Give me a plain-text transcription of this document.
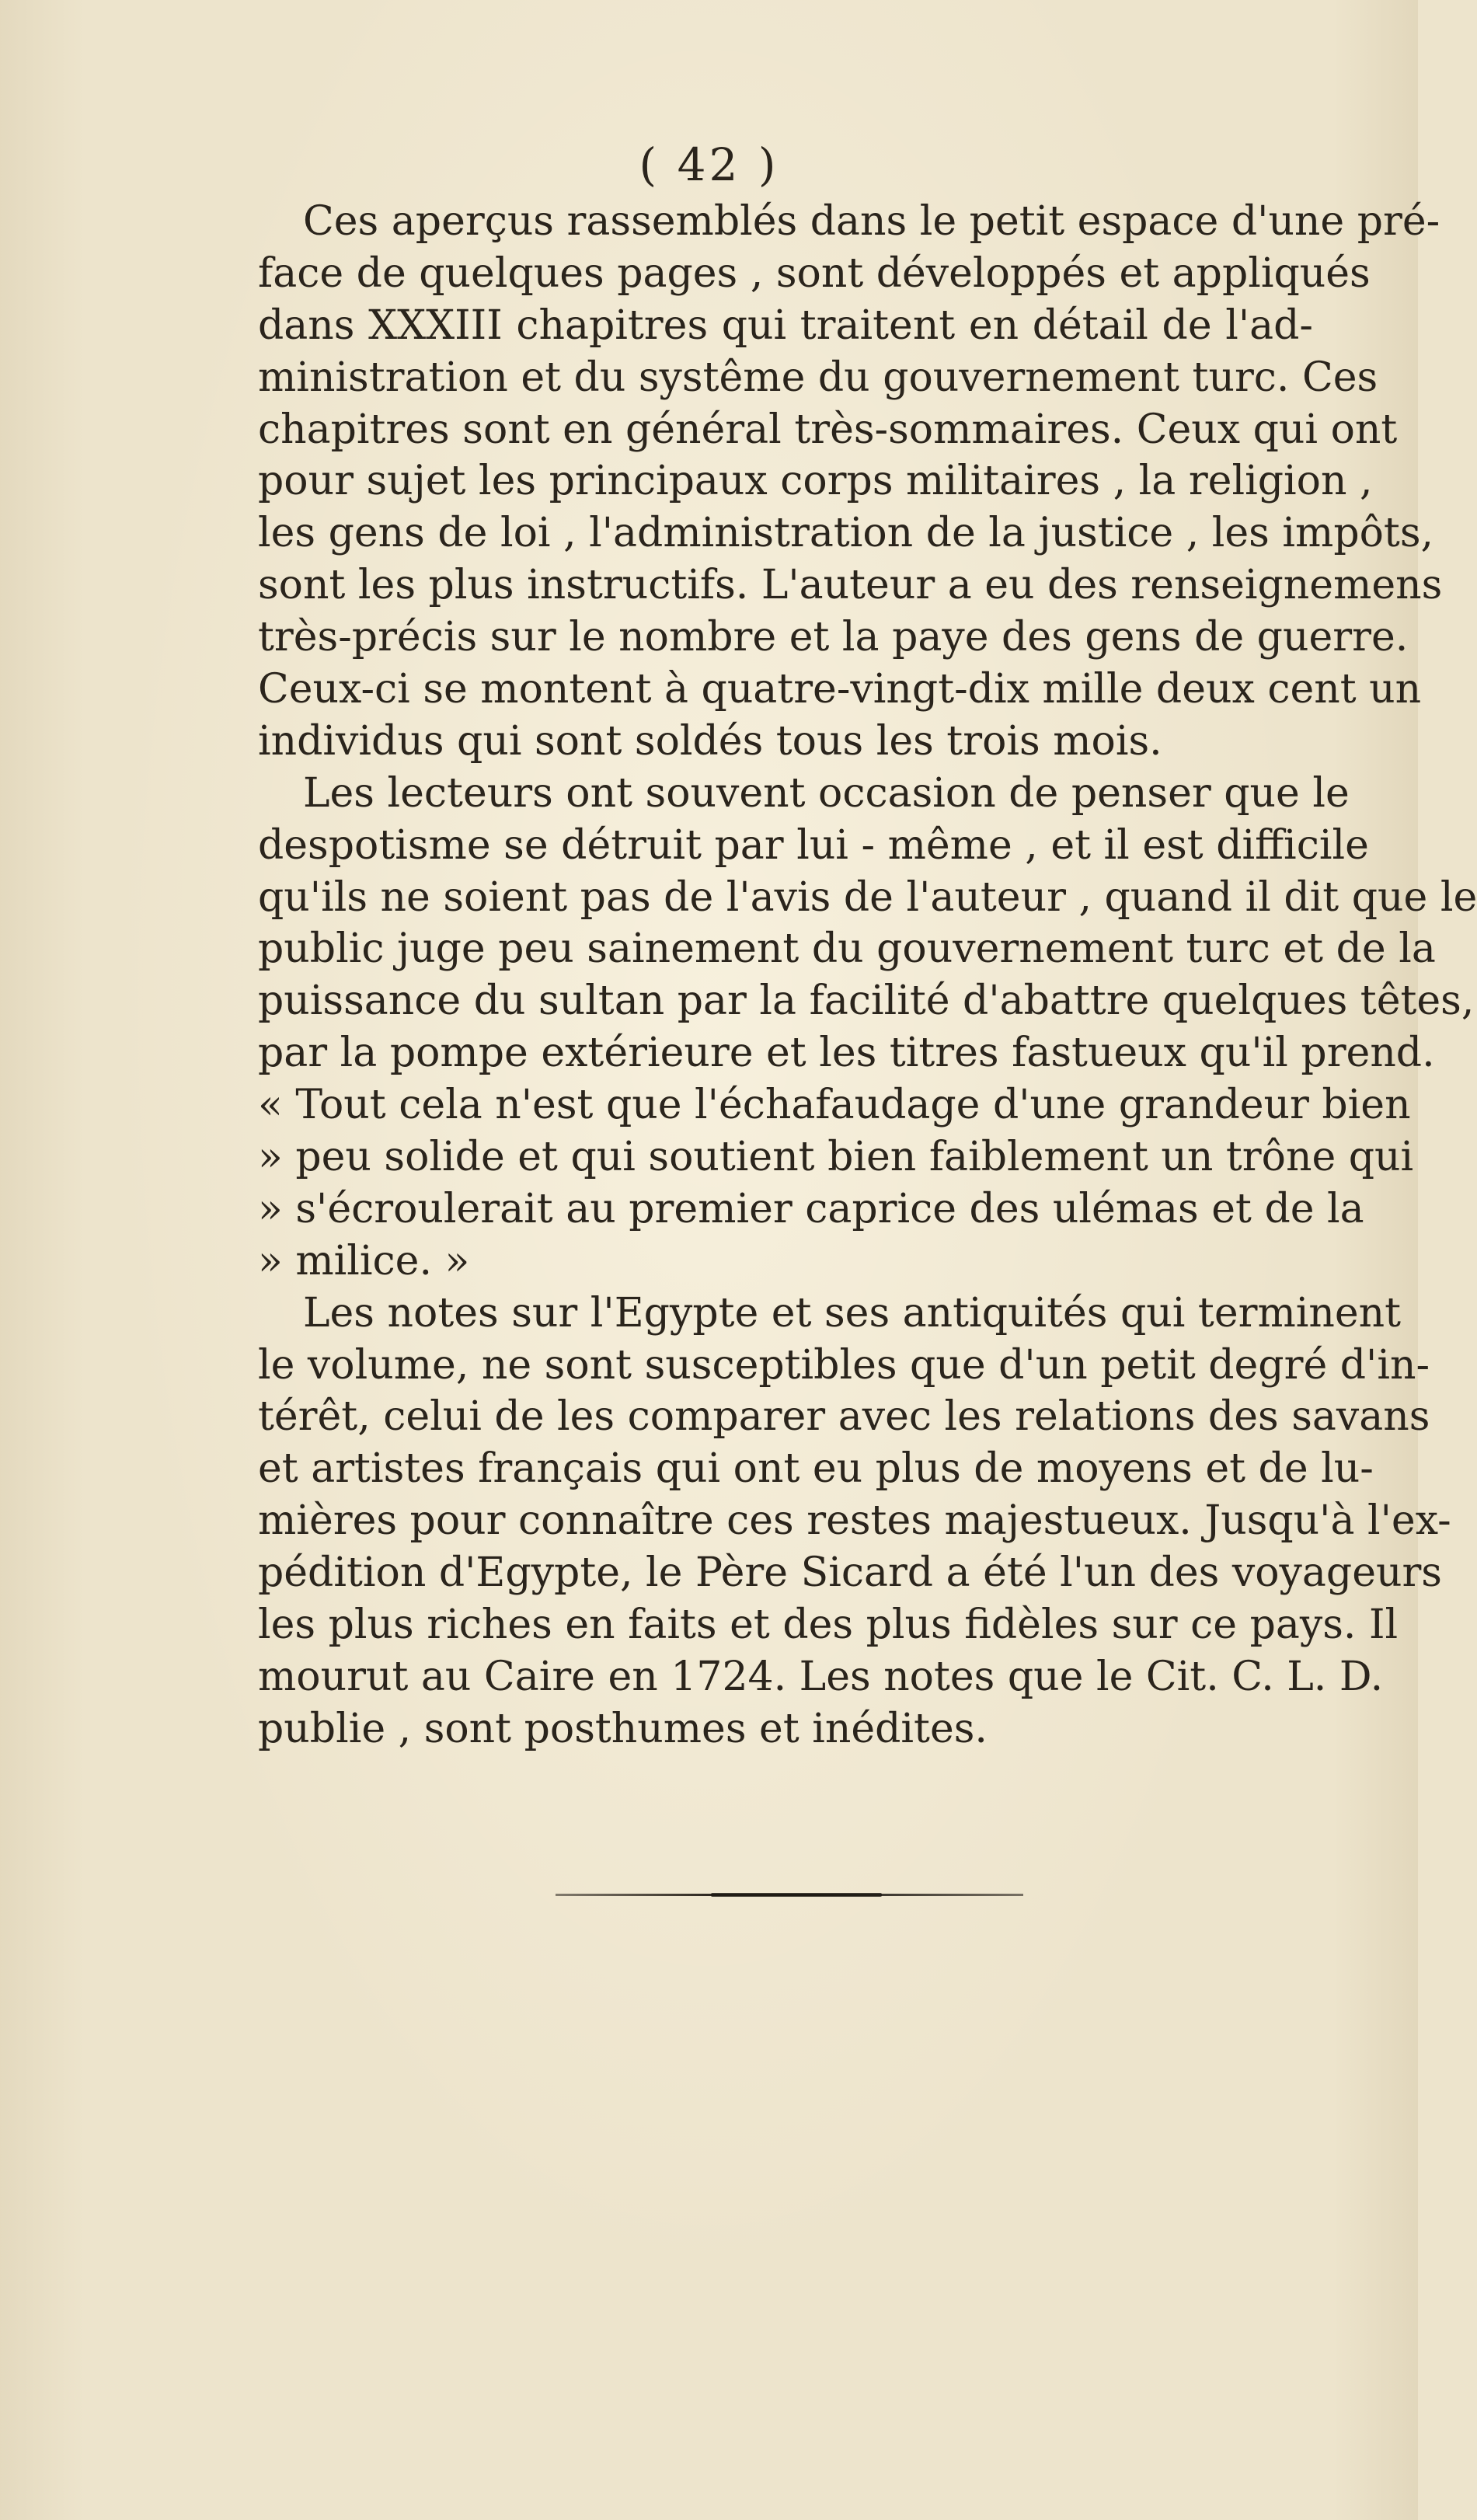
( 42 )
Ces aperçus rassemblés dans le petit espace d'une pré-
face de quelques pages , sont développés et appliqués
dans XXXIII chapitres qui traitent en détail de l'ad-
ministration et du systême du gouvernement turc. Ces
chapitres sont en général très-sommaires. Ceux qui ont
pour sujet les principaux corps militaires , la religion ,
les gens de loi , l'administration de la justice , les impôts,
sont les plus instructifs. L'auteur a eu des renseignemens
très-précis sur le nombre et la paye des gens de guerre.
Ceux-ci se montent à quatre-vingt-dix mille deux cent un
individus qui sont soldés tous les trois mois.
Les lecteurs ont souvent occasion de penser que le
despotisme se détruit par lui - même , et il est difficile
qu'ils ne soient pas de l'avis de l'auteur , quand il dit que le
public juge peu sainement du gouvernement turc et de la
puissance du sultan par la facilité d'abattre quelques têtes,
par la pompe extérieure et les titres fastueux qu'il prend.
« Tout cela n'est que l'échafaudage d'une grandeur bien
» peu solide et qui soutient bien faiblement un trône qui
» s'écroulerait au premier caprice des ulémas et de la
» milice. »
Les notes sur l'Egypte et ses antiquités qui terminent
le volume, ne sont susceptibles que d'un petit degré d'in-
térêt, celui de les comparer avec les relations des savans
et artistes français qui ont eu plus de moyens et de lu-
mières pour connaître ces restes majestueux. Jusqu'à l'ex-
pédition d'Egypte, le Père Sicard a été l'un des voyageurs
les plus riches en faits et des plus fidèles sur ce pays. Il
mourut au Caire en 1724. Les notes que le Cit. C. L. D.
publie , sont posthumes et inédites.
